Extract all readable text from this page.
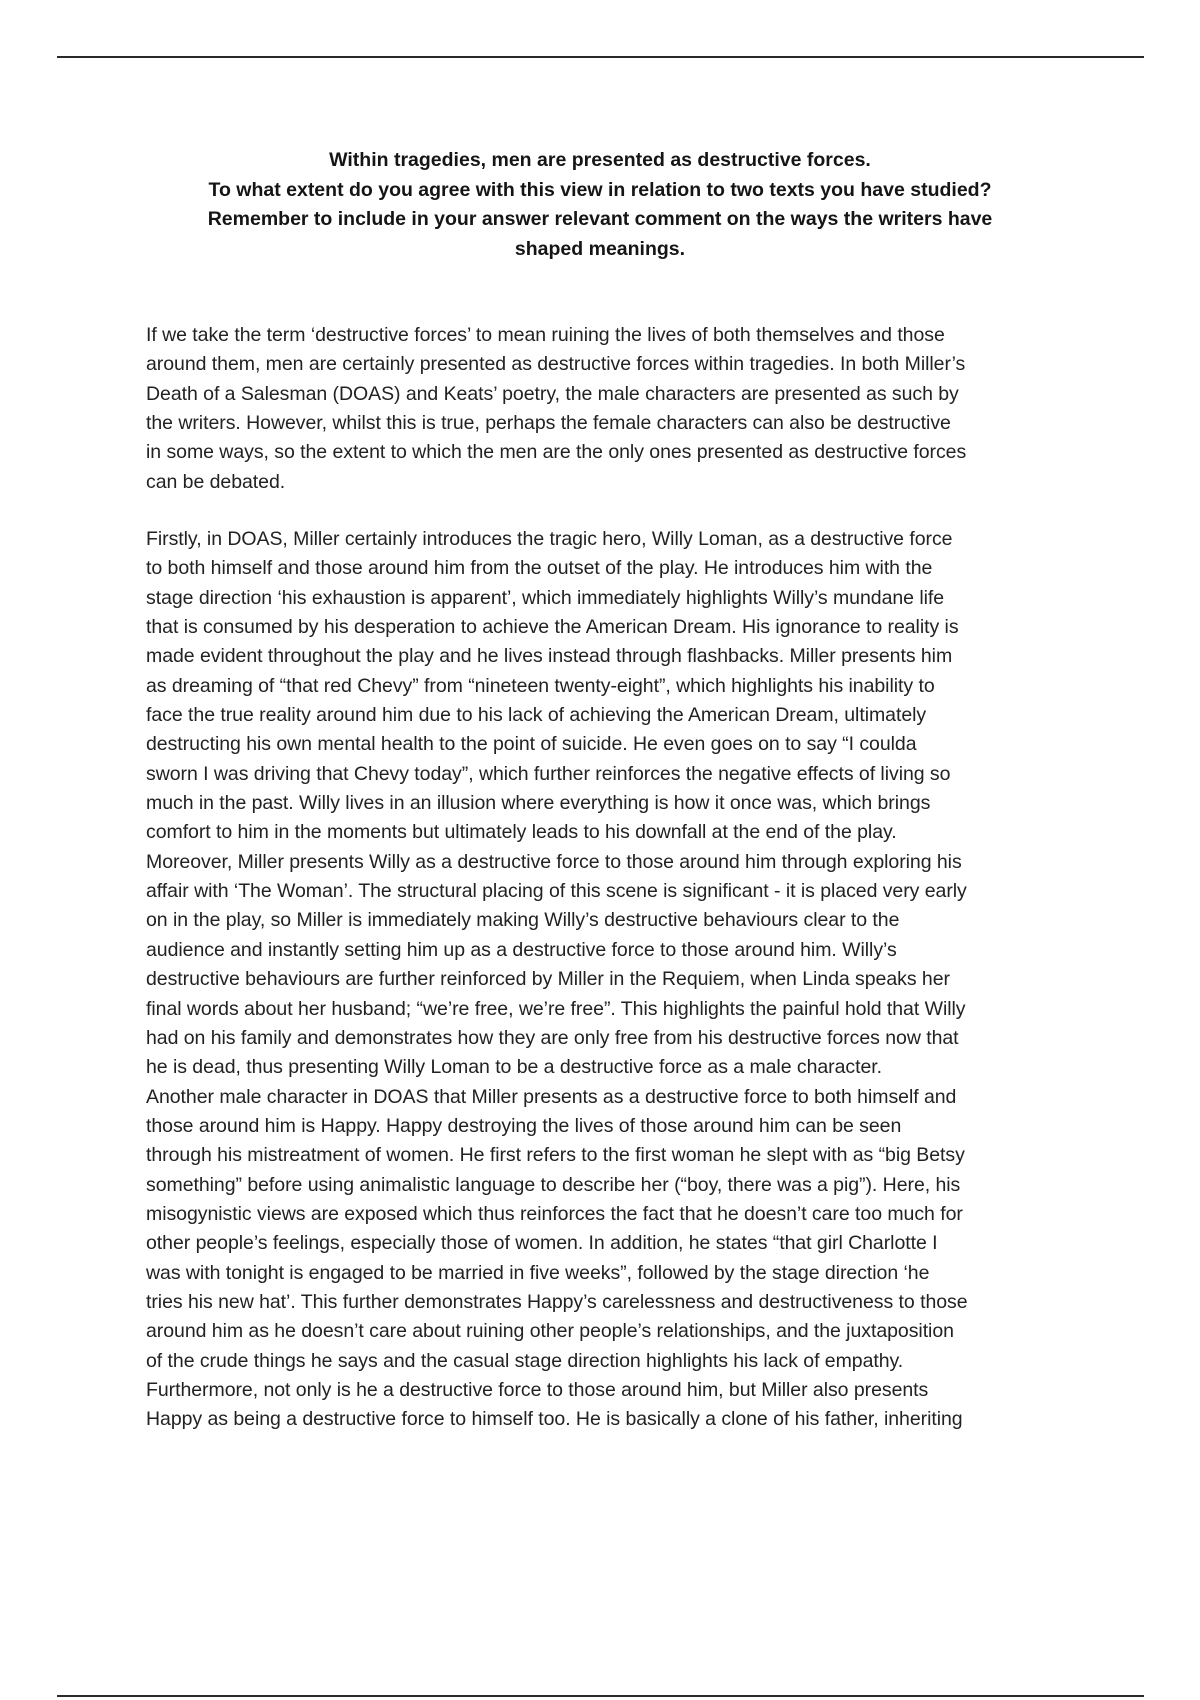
Within tragedies, men are presented as destructive forces.
To what extent do you agree with this view in relation to two texts you have studied?
Remember to include in your answer relevant comment on the ways the writers have
shaped meanings.
If we take the term ‘destructive forces’ to mean ruining the lives of both themselves and those
around them, men are certainly presented as destructive forces within tragedies. In both Miller’s
Death of a Salesman (DOAS) and Keats’ poetry, the male characters are presented as such by
the writers. However, whilst this is true, perhaps the female characters can also be destructive
in some ways, so the extent to which the men are the only ones presented as destructive forces
can be debated.
Firstly, in DOAS, Miller certainly introduces the tragic hero, Willy Loman, as a destructive force
to both himself and those around him from the outset of the play. He introduces him with the
stage direction ‘his exhaustion is apparent’, which immediately highlights Willy’s mundane life
that is consumed by his desperation to achieve the American Dream. His ignorance to reality is
made evident throughout the play and he lives instead through flashbacks. Miller presents him
as dreaming of “that red Chevy” from “nineteen twenty-eight”, which highlights his inability to
face the true reality around him due to his lack of achieving the American Dream, ultimately
destructing his own mental health to the point of suicide. He even goes on to say “I coulda
sworn I was driving that Chevy today”, which further reinforces the negative effects of living so
much in the past. Willy lives in an illusion where everything is how it once was, which brings
comfort to him in the moments but ultimately leads to his downfall at the end of the play.
Moreover, Miller presents Willy as a destructive force to those around him through exploring his
affair with ‘The Woman’. The structural placing of this scene is significant - it is placed very early
on in the play, so Miller is immediately making Willy’s destructive behaviours clear to the
audience and instantly setting him up as a destructive force to those around him. Willy’s
destructive behaviours are further reinforced by Miller in the Requiem, when Linda speaks her
final words about her husband; “we’re free, we’re free”. This highlights the painful hold that Willy
had on his family and demonstrates how they are only free from his destructive forces now that
he is dead, thus presenting Willy Loman to be a destructive force as a male character.
Another male character in DOAS that Miller presents as a destructive force to both himself and
those around him is Happy. Happy destroying the lives of those around him can be seen
through his mistreatment of women. He first refers to the first woman he slept with as “big Betsy
something” before using animalistic language to describe her (“boy, there was a pig”). Here, his
misogynistic views are exposed which thus reinforces the fact that he doesn’t care too much for
other people’s feelings, especially those of women. In addition, he states “that girl Charlotte I
was with tonight is engaged to be married in five weeks”, followed by the stage direction ‘he
tries his new hat’. This further demonstrates Happy’s carelessness and destructiveness to those
around him as he doesn’t care about ruining other people’s relationships, and the juxtaposition
of the crude things he says and the casual stage direction highlights his lack of empathy.
Furthermore, not only is he a destructive force to those around him, but Miller also presents
Happy as being a destructive force to himself too. He is basically a clone of his father, inheriting
